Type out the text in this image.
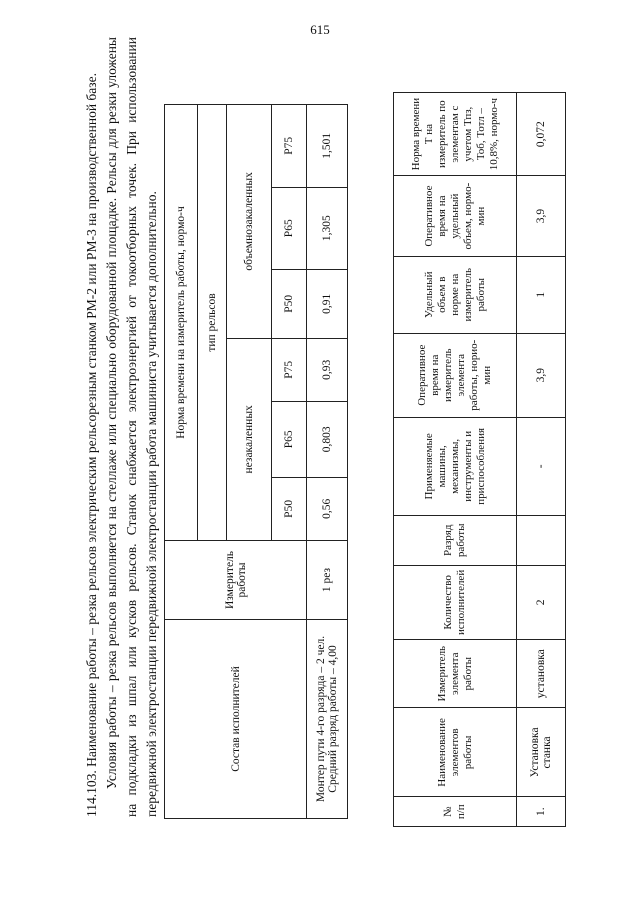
615

114.103. Наименование работы – резка рельсов электрическим рельсорезным станком РМ-2 или РМ-3 на производственной базе. Условия работы – резка рельсов выполняется на стеллаже или специально оборудованной площадке. Рельсы для резки уложены на подкладки из шпал или кусков рельсов. Станок снабжается электроэнергией от токоотборных точек. При использовании передвижной электростанции передвижной электростанции работа машиниста учитывается дополнительно.	Состав исполнителей	Измеритель работы	Норма времени на измеритель работы, нормо-ч					
		тип рельсов					
		незакаленных			объемнозакаленных		
		Р50	Р65	Р75	Р50	Р65	Р75

Монтер пути 4-го разряда – 2 чел. Средний разряд работы – 4,00	1 рез	0,56	0,803	0,93	0,91	1,305	1,501
№ п/п	Наименование элементов работы	Измеритель элемента работы	Количество исполнителей	Разряд работы	Применяемые машины, механизмы, инструменты и приспособления	Оперативное время на измеритель элемента работы, норио-мин	Удельный объем в норме на измеритель работы	Оперативное время на удельный объем, нормо-мин	Норма времени Т на измеритель по элементам с учетом Тпз, Тоб, Тотл – 10,8%, нормо-ч
1.	Установка станка	установка	2		-	3,9	1	3,9	0,072
